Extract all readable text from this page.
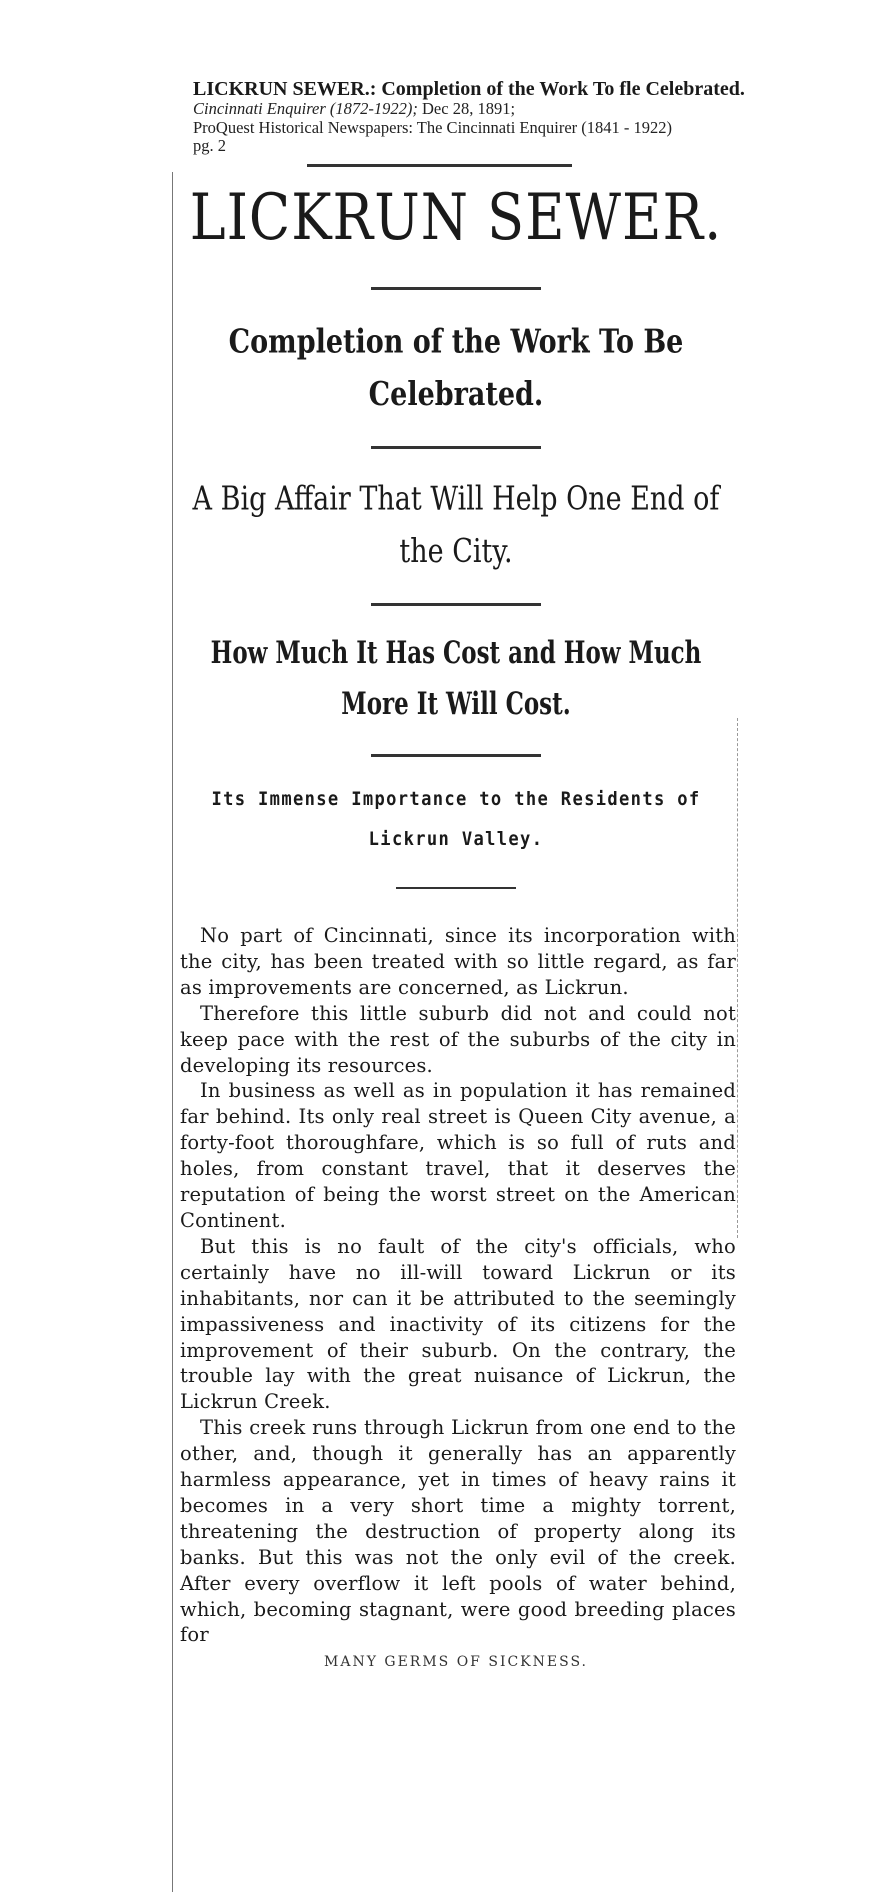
LICKRUN SEWER.: Completion of the Work To fle Celebrated.
Cincinnati Enquirer (1872-1922); Dec 28, 1891;
ProQuest Historical Newspapers: The Cincinnati Enquirer (1841 - 1922)
pg. 2
LICKRUN SEWER.
Completion of the Work To Be Celebrated.
A Big Affair That Will Help One End of the City.
How Much It Has Cost and How Much More It Will Cost.
Its Immense Importance to the Residents of Lickrun Valley.

No part of Cincinnati, since its incorporation with the city, has been treated with so little regard, as far as improvements are concerned, as Lickrun.

Therefore this little suburb did not and could not keep pace with the rest of the suburbs of the city in developing its resources.

In business as well as in population it has remained far behind. Its only real street is Queen City avenue, a forty-foot thoroughfare, which is so full of ruts and holes, from constant travel, that it deserves the reputation of being the worst street on the American Continent.

But this is no fault of the city's officials, who certainly have no ill-will toward Lickrun or its inhabitants, nor can it be attributed to the seemingly impassiveness and inactivity of its citizens for the improvement of their suburb. On the contrary, the trouble lay with the great nuisance of Lickrun, the Lickrun Creek.

This creek runs through Lickrun from one end to the other, and, though it generally has an apparently harmless appearance, yet in times of heavy rains it becomes in a very short time a mighty torrent, threatening the destruction of property along its banks. But this was not the only evil of the creek. After every overflow it left pools of water behind, which, becoming stagnant, were good breeding places for

MANY GERMS OF SICKNESS.
